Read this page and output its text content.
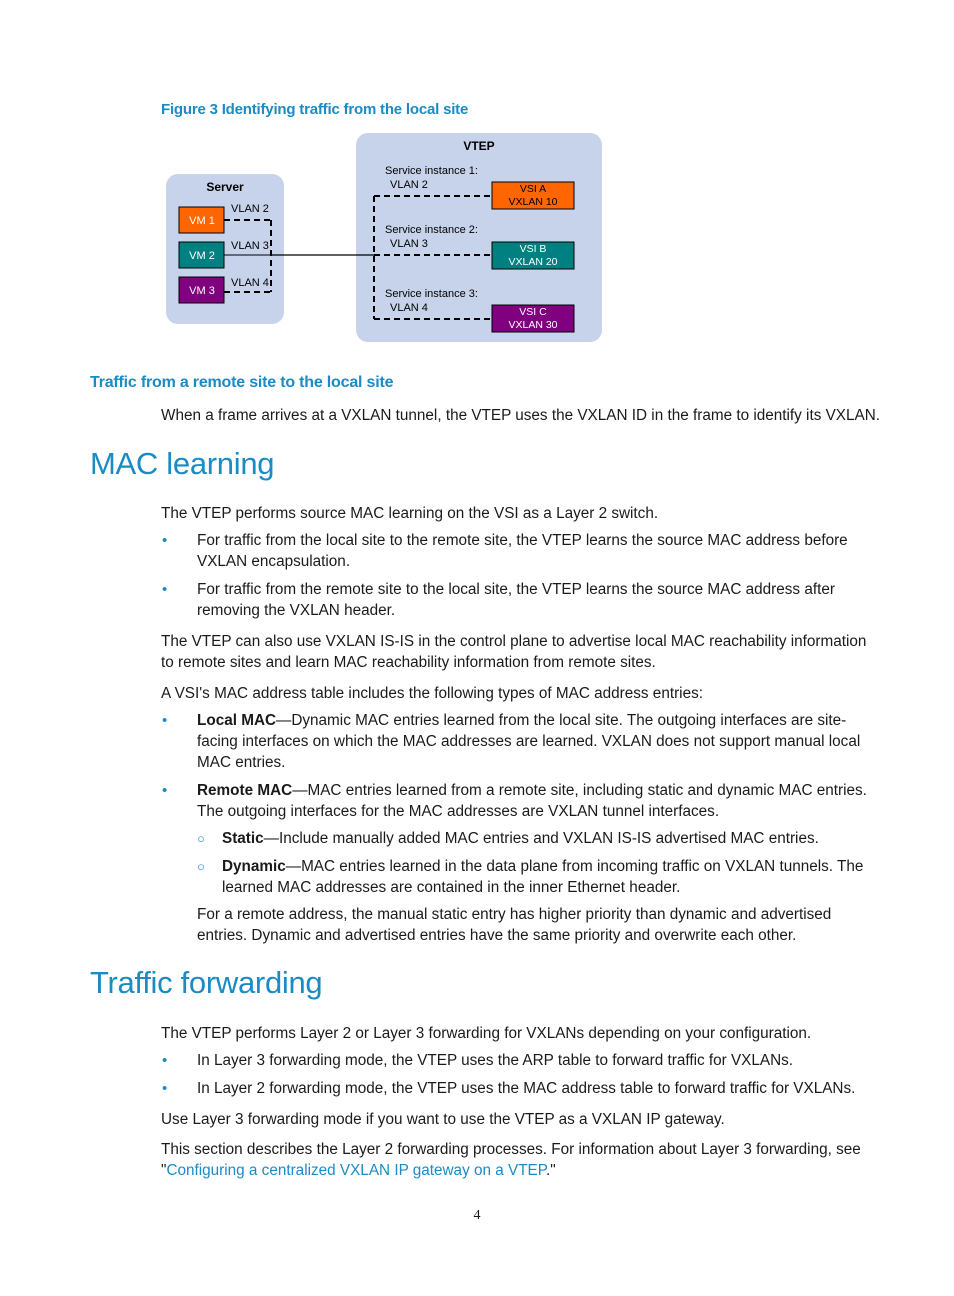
Figure 3 Identifying traffic from the local site
Server
VTEP
VM 1
VM 2
VM 3
VLAN 2
VLAN 3
VLAN 4
Service instance 1:
VLAN 2
Service instance 2:
VLAN 3
Service instance 3:
VLAN 4
VSI A
VXLAN 10
VSI B
VXLAN 20
VSI C
VXLAN 30
Traffic from a remote site to the local site
When a frame arrives at a VXLAN tunnel, the VTEP uses the VXLAN ID in the frame to identify its VXLAN.
MAC learning
The VTEP performs source MAC learning on the VSI as a Layer 2 switch.
• For traffic from the local site to the remote site, the VTEP learns the source MAC address before VXLAN encapsulation.
• For traffic from the remote site to the local site, the VTEP learns the source MAC address after removing the VXLAN header.
The VTEP can also use VXLAN IS-IS in the control plane to advertise local MAC reachability information to remote sites and learn MAC reachability information from remote sites.
A VSI's MAC address table includes the following types of MAC address entries:
• Local MAC—Dynamic MAC entries learned from the local site. The outgoing interfaces are site-facing interfaces on which the MAC addresses are learned. VXLAN does not support manual local MAC entries.
• Remote MAC—MAC entries learned from a remote site, including static and dynamic MAC entries. The outgoing interfaces for the MAC addresses are VXLAN tunnel interfaces.
○ Static—Include manually added MAC entries and VXLAN IS-IS advertised MAC entries.
○ Dynamic—MAC entries learned in the data plane from incoming traffic on VXLAN tunnels. The learned MAC addresses are contained in the inner Ethernet header.
For a remote address, the manual static entry has higher priority than dynamic and advertised entries. Dynamic and advertised entries have the same priority and overwrite each other.
Traffic forwarding
The VTEP performs Layer 2 or Layer 3 forwarding for VXLANs depending on your configuration.
• In Layer 3 forwarding mode, the VTEP uses the ARP table to forward traffic for VXLANs.
• In Layer 2 forwarding mode, the VTEP uses the MAC address table to forward traffic for VXLANs.
Use Layer 3 forwarding mode if you want to use the VTEP as a VXLAN IP gateway.
This section describes the Layer 2 forwarding processes. For information about Layer 3 forwarding, see "Configuring a centralized VXLAN IP gateway on a VTEP."
4
